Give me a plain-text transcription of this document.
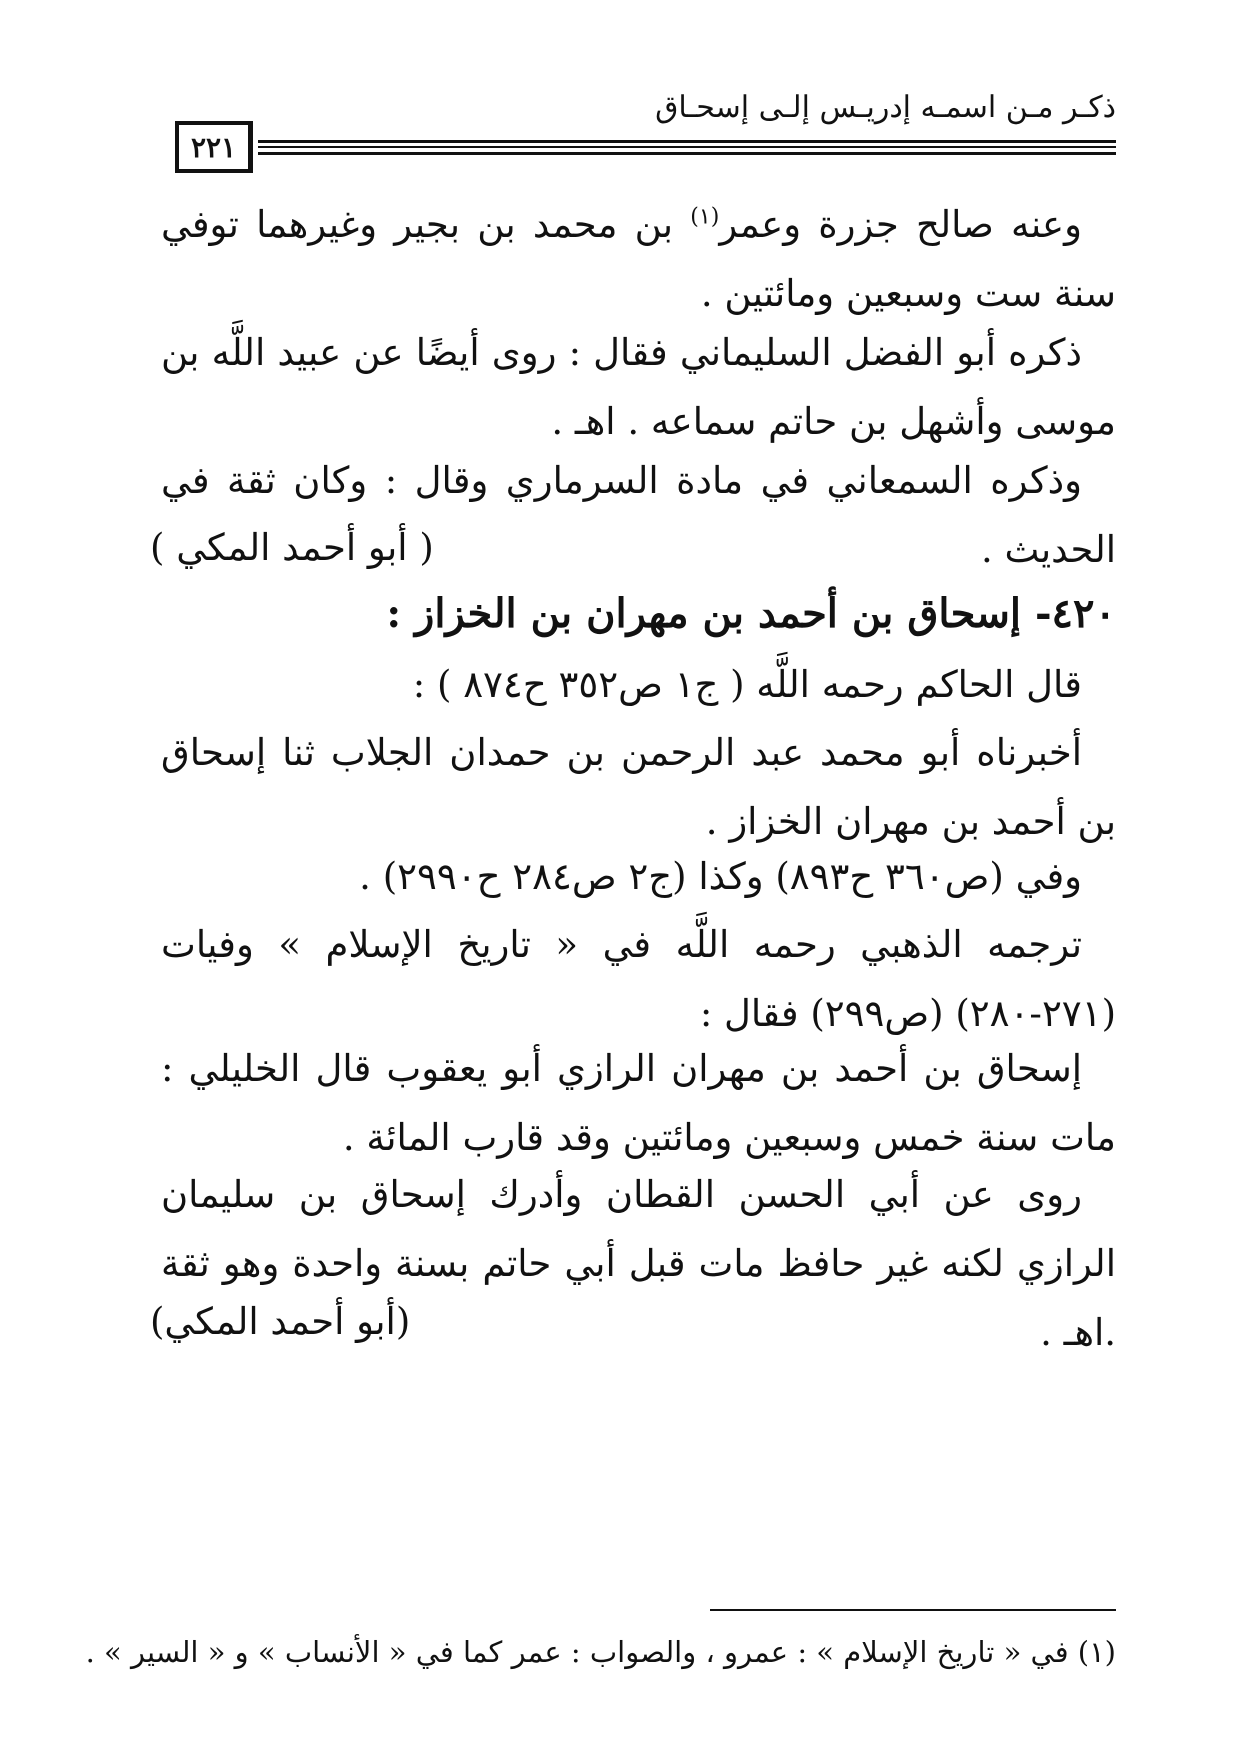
ذكـر مـن اسمـه إدريـس إلـى إسحـاق
٢٢١
وعنه صالح جزرة وعمر$^{(١)}$ بن محمد بن بجير وغيرهما توفي سنة ست وسبعين ومائتين .
ذكره أبو الفضل السليماني فقال : روى أيضًا عن عبيد اللَّه بن موسى وأشهل بن حاتم سماعه . اهـ .
وذكره السمعاني في مادة السرماري وقال : وكان ثقة في الحديث .
( أبو أحمد المكي )
٤٢٠- إسحاق بن أحمد بن مهران بن الخزاز :
قال الحاكم رحمه اللَّه ( ج١ ص٣٥٢ ح٨٧٤ ) :
أخبرناه أبو محمد عبد الرحمن بن حمدان الجلاب ثنا إسحاق بن أحمد بن مهران الخزاز .
وفي (ص٣٦٠ ح٨٩٣) وكذا (ج٢ ص٢٨٤ ح٢٩٩٠) .
ترجمه الذهبي رحمه اللَّه في « تاريخ الإسلام » وفيات (٢٧١-٢٨٠) (ص٢٩٩) فقال :
إسحاق بن أحمد بن مهران الرازي أبو يعقوب قال الخليلي : مات سنة خمس وسبعين ومائتين وقد قارب المائة .
روى عن أبي الحسن القطان وأدرك إسحاق بن سليمان الرازي لكنه غير حافظ مات قبل أبي حاتم بسنة واحدة وهو ثقة .اهـ .
(أبو أحمد المكي)
(١) في « تاريخ الإسلام » : عمرو ، والصواب : عمر كما في « الأنساب » و « السير » .
